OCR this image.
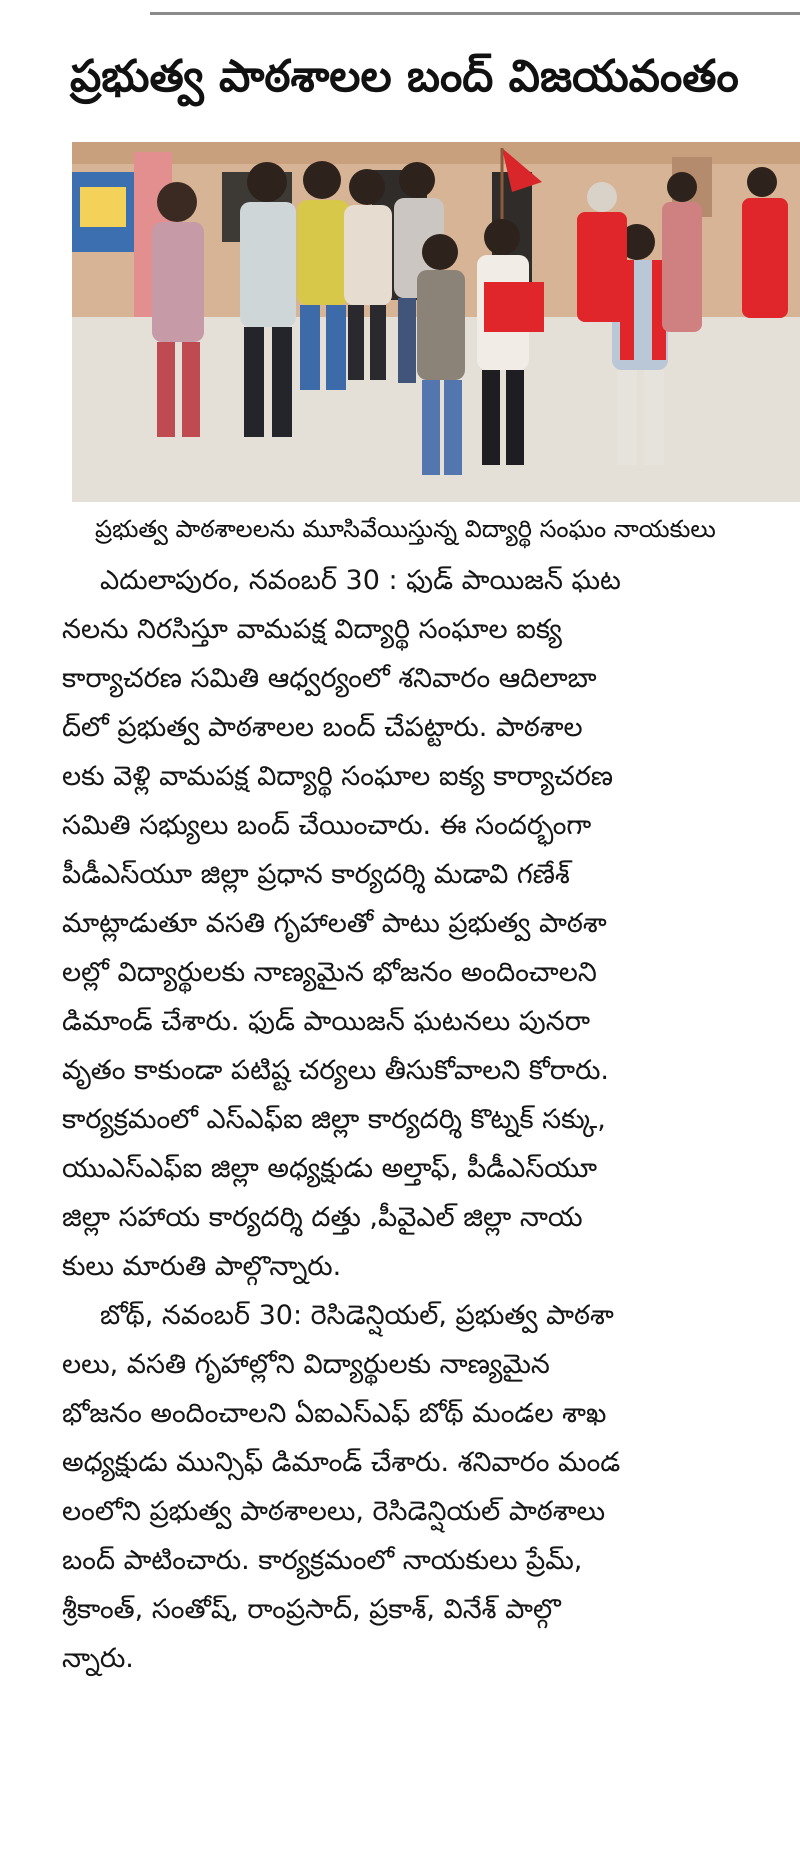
ప్రభుత్వ పాఠశాలల బంద్ విజయవంతం
ప్రభుత్వ పాఠశాలలను మూసివేయిస్తున్న విద్యార్థి సంఘం నాయకులు
ఎదులాపురం, నవంబర్ 30 : ఫుడ్ పాయిజన్ ఘట
నలను నిరసిస్తూ వామపక్ష విద్యార్థి సంఘాల ఐక్య
కార్యాచరణ సమితి ఆధ్వర్యంలో శనివారం ఆదిలాబా
ద్‌లో ప్రభుత్వ పాఠశాలల బంద్ చేపట్టారు. పాఠశాల
లకు వెళ్లి వామపక్ష విద్యార్థి సంఘాల ఐక్య కార్యాచరణ
సమితి సభ్యులు బంద్ చేయించారు. ఈ సందర్భంగా
పీడీఎస్‌యూ జిల్లా ప్రధాన కార్యదర్శి మడావి గణేశ్
మాట్లాడుతూ వసతి గృహాలతో పాటు ప్రభుత్వ పాఠశా
లల్లో విద్యార్థులకు నాణ్యమైన భోజనం అందించాలని
డిమాండ్ చేశారు. ఫుడ్ పాయిజన్ ఘటనలు పునరా
వృతం కాకుండా పటిష్ట చర్యలు తీసుకోవాలని కోరారు.
కార్యక్రమంలో ఎస్‌ఎఫ్‌ఐ జిల్లా కార్యదర్శి కొట్నక్ సక్కు,
యుఎస్‌ఎఫ్‌ఐ జిల్లా అధ్యక్షుడు అల్తాఫ్, పీడీఎస్‌యూ
జిల్లా సహాయ కార్యదర్శి దత్తు ,పీవైఎల్ జిల్లా నాయ
కులు మారుతి పాల్గొన్నారు.
బోథ్, నవంబర్ 30: రెసిడెన్షియల్, ప్రభుత్వ పాఠశా
లలు, వసతి గృహాల్లోని విద్యార్థులకు నాణ్యమైన
భోజనం అందించాలని ఏఐఎస్‌ఎఫ్ బోథ్ మండల శాఖ
అధ్యక్షుడు మున్సిఫ్ డిమాండ్ చేశారు. శనివారం మండ
లంలోని ప్రభుత్వ పాఠశాలలు, రెసిడెన్షియల్ పాఠశాలు
బంద్ పాటించారు. కార్యక్రమంలో నాయకులు ప్రేమ్,
శ్రీకాంత్, సంతోష్, రాంప్రసాద్, ప్రకాశ్, వినేశ్ పాల్గొ
న్నారు.
